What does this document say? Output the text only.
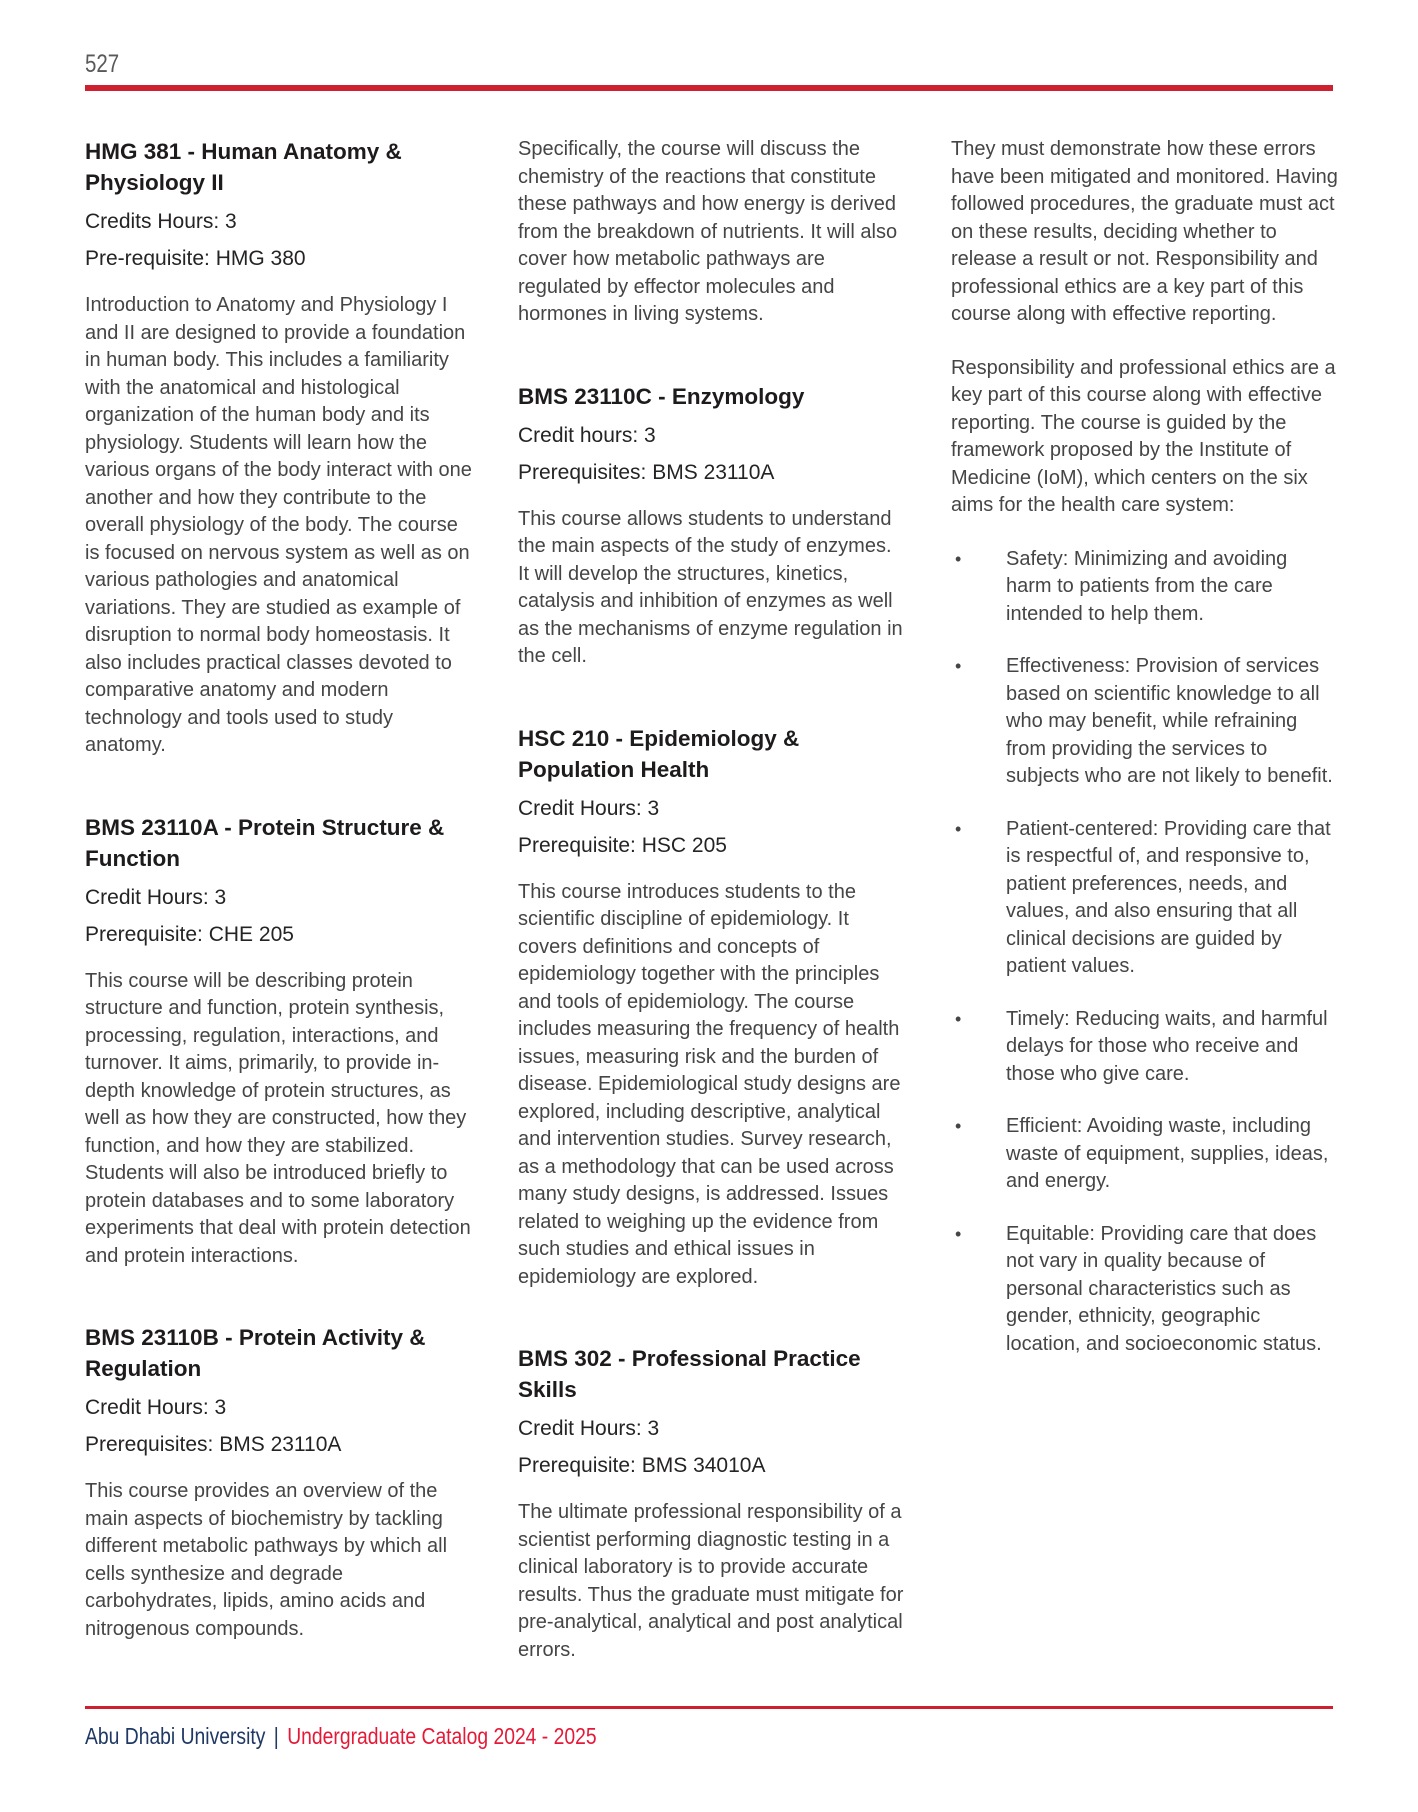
527
HMG 381 - Human Anatomy & Physiology II
Credits Hours: 3
Pre-requisite: HMG 380

Introduction to Anatomy and Physiology I and II are designed to provide a foundation in human body. This includes a familiarity with the anatomical and histological organization of the human body and its physiology. Students will learn how the various organs of the body interact with one another and how they contribute to the overall physiology of the body. The course is focused on nervous system as well as on various pathologies and anatomical variations. They are studied as example of disruption to normal body homeostasis. It also includes practical classes devoted to comparative anatomy and modern technology and tools used to study anatomy.

BMS 23110A - Protein Structure & Function
Credit Hours: 3
Prerequisite: CHE 205

This course will be describing protein structure and function, protein synthesis, processing, regulation, interactions, and turnover. It aims, primarily, to provide in-depth knowledge of protein structures, as well as how they are constructed, how they function, and how they are stabilized. Students will also be introduced briefly to protein databases and to some laboratory experiments that deal with protein detection and protein interactions.

BMS 23110B - Protein Activity & Regulation
Credit Hours: 3
Prerequisites: BMS 23110A

This course provides an overview of the main aspects of biochemistry by tackling different metabolic pathways by which all cells synthesize and degrade carbohydrates, lipids, amino acids and nitrogenous compounds.

Specifically, the course will discuss the chemistry of the reactions that constitute these pathways and how energy is derived from the breakdown of nutrients. It will also cover how metabolic pathways are regulated by effector molecules and hormones in living systems.

BMS 23110C - Enzymology
Credit hours: 3
Prerequisites: BMS 23110A

This course allows students to understand the main aspects of the study of enzymes. It will develop the structures, kinetics, catalysis and inhibition of enzymes as well as the mechanisms of enzyme regulation in the cell.

HSC 210 - Epidemiology & Population Health
Credit Hours: 3
Prerequisite: HSC 205

This course introduces students to the scientific discipline of epidemiology. It covers definitions and concepts of epidemiology together with the principles and tools of epidemiology. The course includes measuring the frequency of health issues, measuring risk and the burden of disease. Epidemiological study designs are explored, including descriptive, analytical and intervention studies. Survey research, as a methodology that can be used across many study designs, is addressed. Issues related to weighing up the evidence from such studies and ethical issues in epidemiology are explored.

BMS 302 - Professional Practice Skills
Credit Hours: 3
Prerequisite: BMS 34010A

The ultimate professional responsibility of a scientist performing diagnostic testing in a clinical laboratory is to provide accurate results. Thus the graduate must mitigate for pre-analytical, analytical and post analytical errors.

They must demonstrate how these errors have been mitigated and monitored. Having followed procedures, the graduate must act on these results, deciding whether to release a result or not. Responsibility and professional ethics are a key part of this course along with effective reporting.

Responsibility and professional ethics are a key part of this course along with effective reporting. The course is guided by the framework proposed by the Institute of Medicine (IoM), which centers on the six aims for the health care system:

•	Safety: Minimizing and avoiding harm to patients from the care intended to help them.
•	Effectiveness: Provision of services based on scientific knowledge to all who may benefit, while refraining from providing the services to subjects who are not likely to benefit.
•	Patient-centered: Providing care that is respectful of, and responsive to, patient preferences, needs, and values, and also ensuring that all clinical decisions are guided by patient values.
•	Timely: Reducing waits, and harmful delays for those who receive and those who give care.
•	Efficient: Avoiding waste, including waste of equipment, supplies, ideas, and energy.
•	Equitable: Providing care that does not vary in quality because of personal characteristics such as gender, ethnicity, geographic location, and socioeconomic status.
Abu Dhabi University | Undergraduate Catalog 2024 - 2025
